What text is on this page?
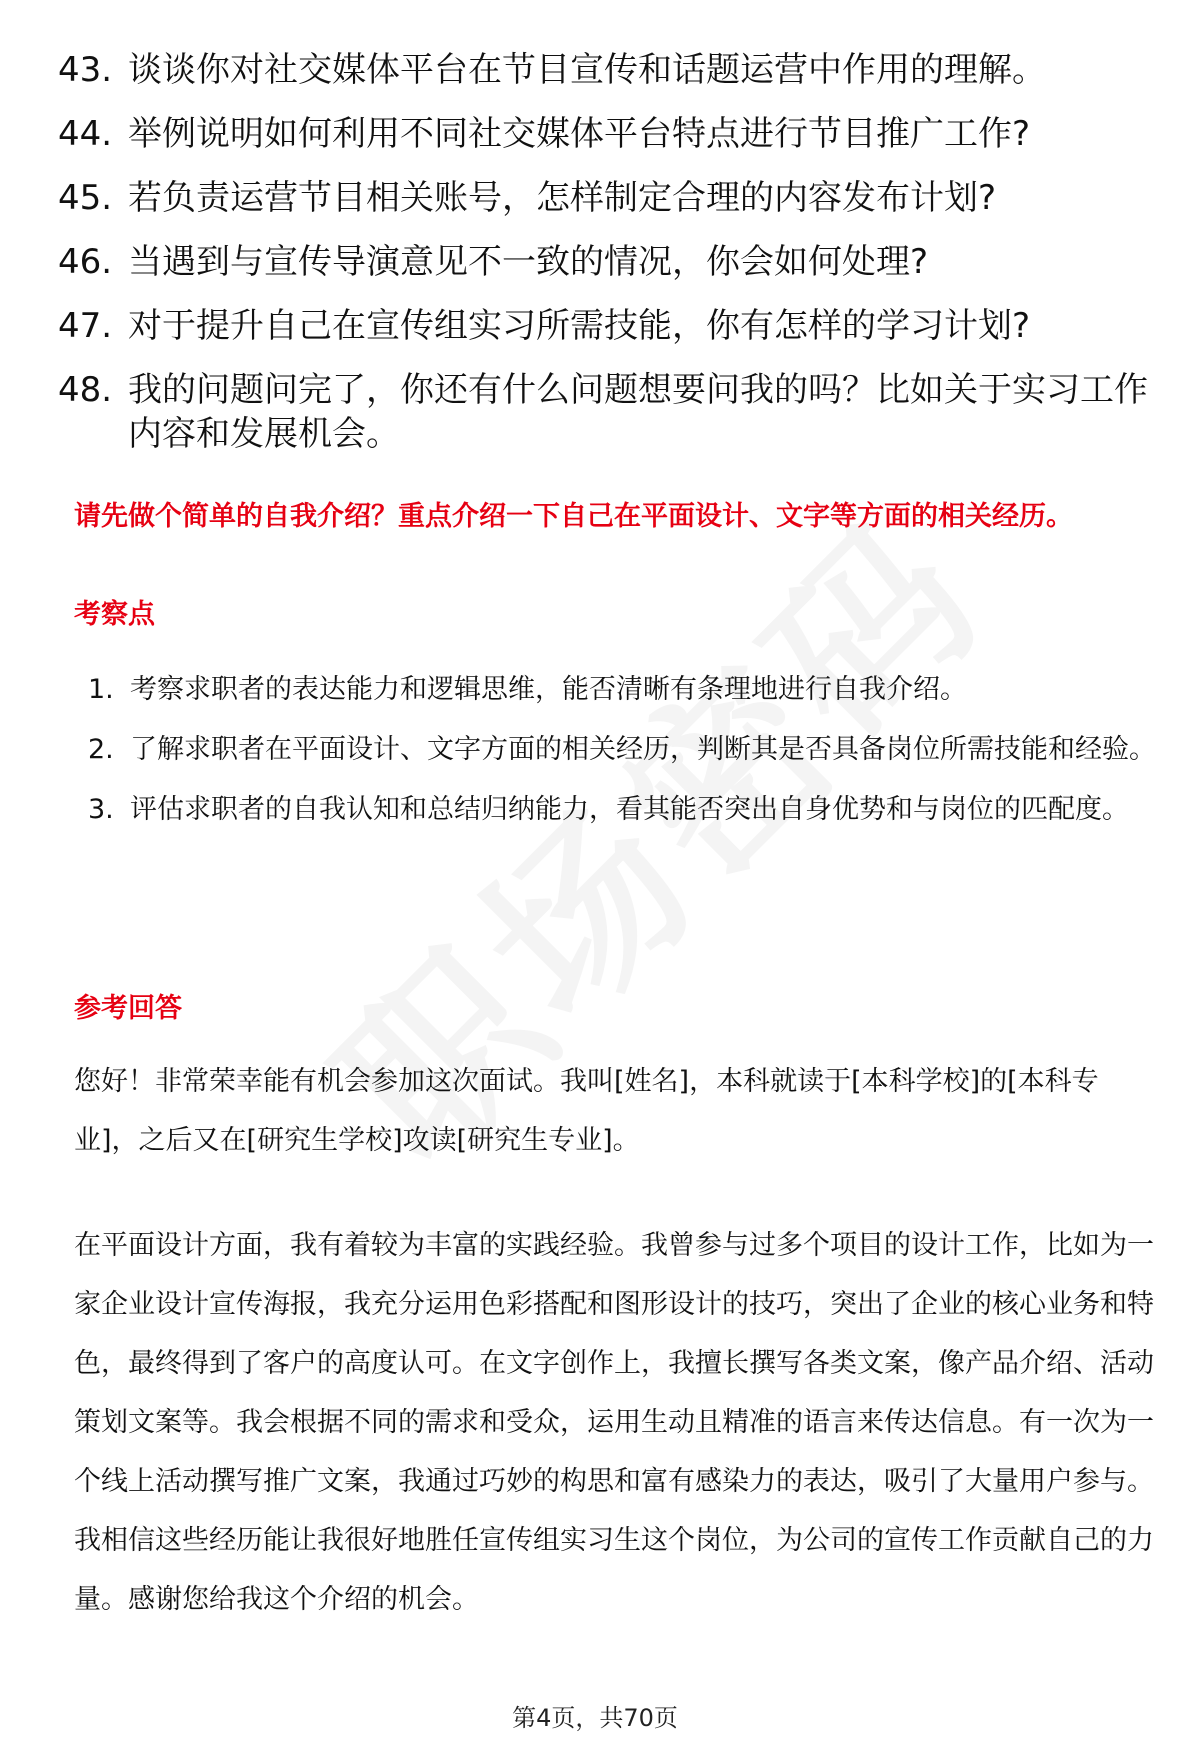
43. 谈谈你对社交媒体平台在节目宣传和话题运营中作用的理解。
44. 举例说明如何利用不同社交媒体平台特点进行节目推广工作?
45. 若负责运营节目相关账号，怎样制定合理的内容发布计划?
46. 当遇到与宣传导演意见不一致的情况，你会如何处理?
47. 对于提升自己在宣传组实习所需技能，你有怎样的学习计划?
48. 我的问题问完了，你还有什么问题想要问我的吗？比如关于实习工作内容和发展机会。
请先做个简单的自我介绍？重点介绍一下自己在平面设计、文字等方面的相关经历。
考察点
1. 考察求职者的表达能力和逻辑思维，能否清晰有条理地进行自我介绍。
2. 了解求职者在平面设计、文字方面的相关经历，判断其是否具备岗位所需技能和经验。
3. 评估求职者的自我认知和总结归纳能力，看其能否突出自身优势和与岗位的匹配度。
参考回答

您好！非常荣幸能有机会参加这次面试。我叫[姓名]，本科就读于[本科学校]的[本科专业]，之后又在[研究生学校]攻读[研究生专业]。

在平面设计方面，我有着较为丰富的实践经验。我曾参与过多个项目的设计工作，比如为一家企业设计宣传海报，我充分运用色彩搭配和图形设计的技巧，突出了企业的核心业务和特色，最终得到了客户的高度认可。在文字创作上，我擅长撰写各类文案，像产品介绍、活动策划文案等。我会根据不同的需求和受众，运用生动且精准的语言来传达信息。有一次为一个线上活动撰写推广文案，我通过巧妙的构思和富有感染力的表达，吸引了大量用户参与。我相信这些经历能让我很好地胜任宣传组实习生这个岗位，为公司的宣传工作贡献自己的力量。感谢您给我这个介绍的机会。

第4页，共70页
